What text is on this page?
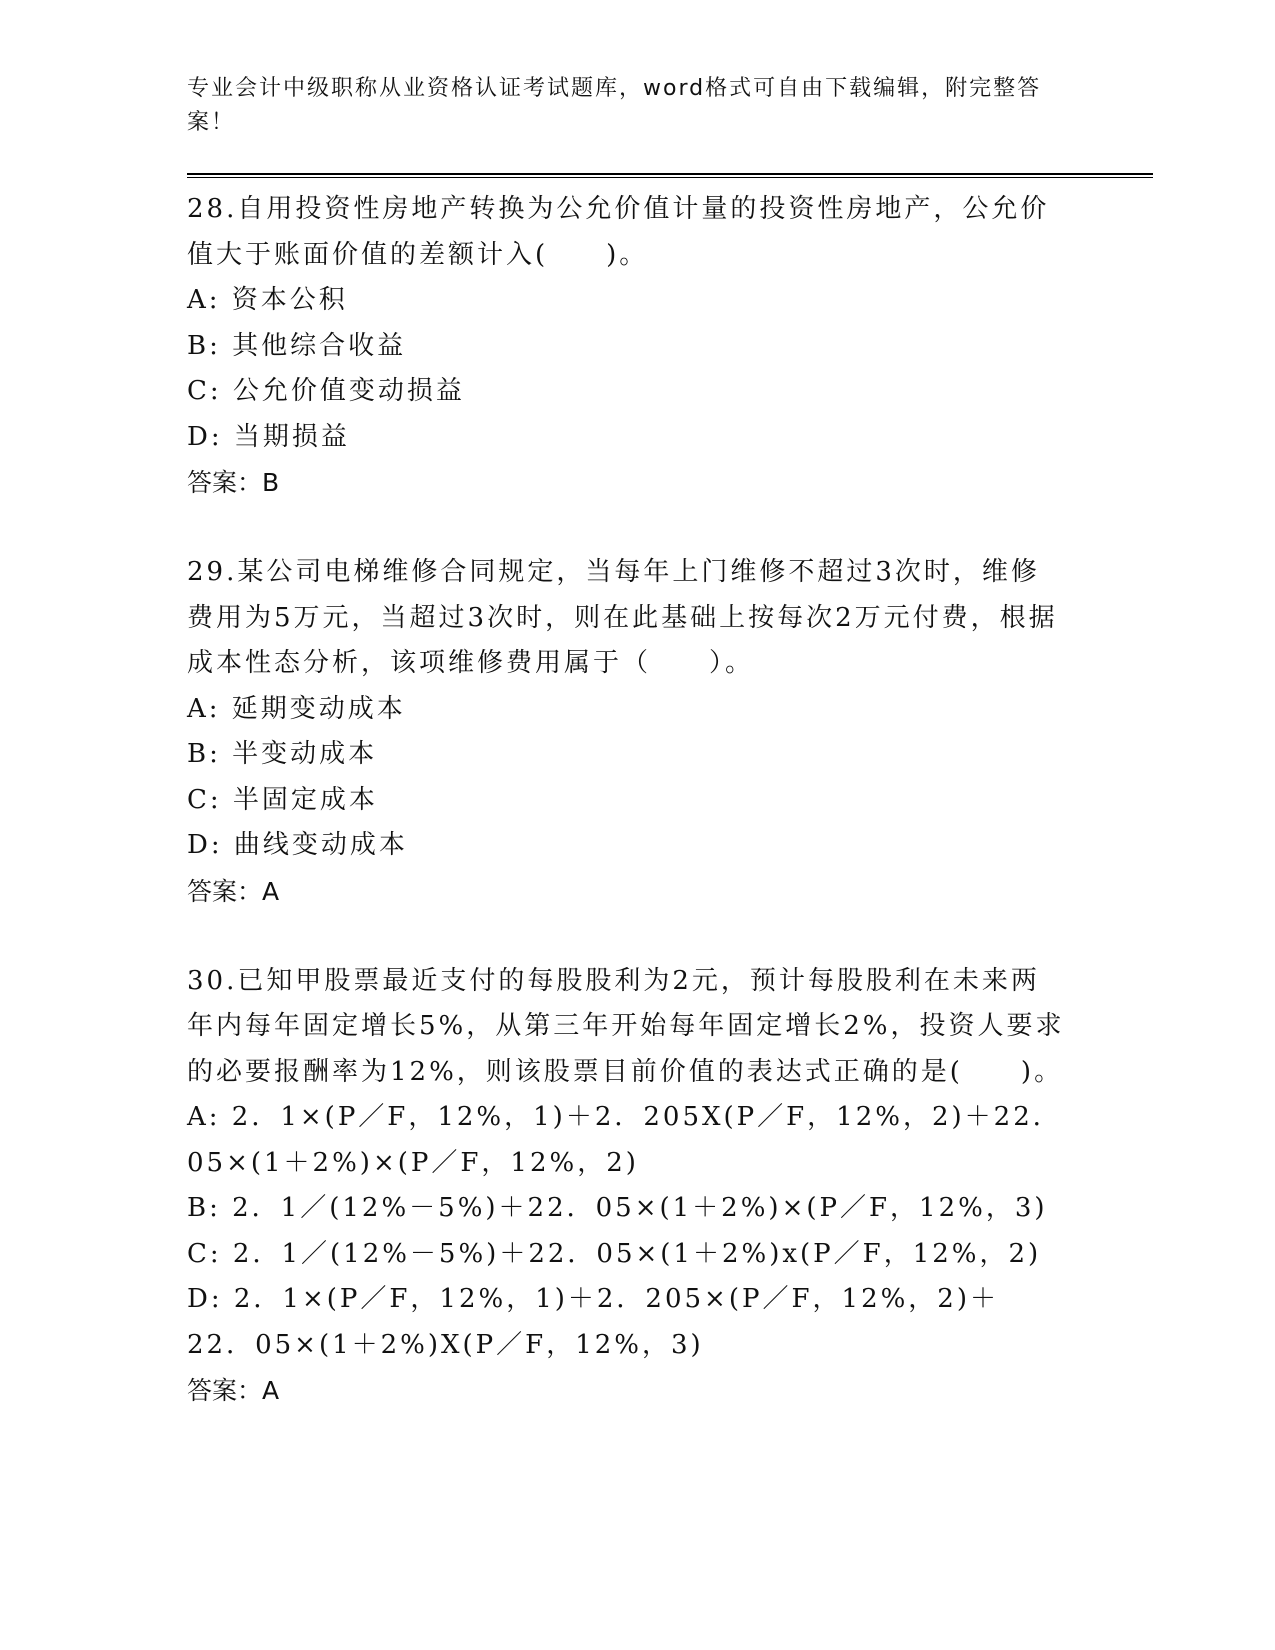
专业会计中级职称从业资格认证考试题库，word格式可自由下载编辑，附完整答案！

28.自用投资性房地产转换为公允价值计量的投资性房地产，公允价值大于账面价值的差额计入(　　)。

A: 资本公积

B: 其他综合收益

C: 公允价值变动损益

D: 当期损益

答案：B

29.某公司电梯维修合同规定，当每年上门维修不超过3次时，维修费用为5万元，当超过3次时，则在此基础上按每次2万元付费，根据成本性态分析，该项维修费用属于（　　）。

A: 延期变动成本

B: 半变动成本

C: 半固定成本

D: 曲线变动成本

答案：A

30.已知甲股票最近支付的每股股利为2元，预计每股股利在未来两年内每年固定增长5%，从第三年开始每年固定增长2%，投资人要求的必要报酬率为12%，则该股票目前价值的表达式正确的是(　　)。

A: 2．1×(P／F，12%，1)＋2．205X(P／F，12%，2)＋22．05×(1＋2%)×(P／F，12%，2)

B: 2．1／(12%－5%)＋22．05×(1＋2%)×(P／F，12%，3)

C: 2．1／(12%－5%)＋22．05×(1＋2%)x(P／F，12%，2)

D: 2．1×(P／F，12%，1)＋2．205×(P／F，12%，2)＋22．05×(1＋2%)X(P／F，12%，3)

答案：A
